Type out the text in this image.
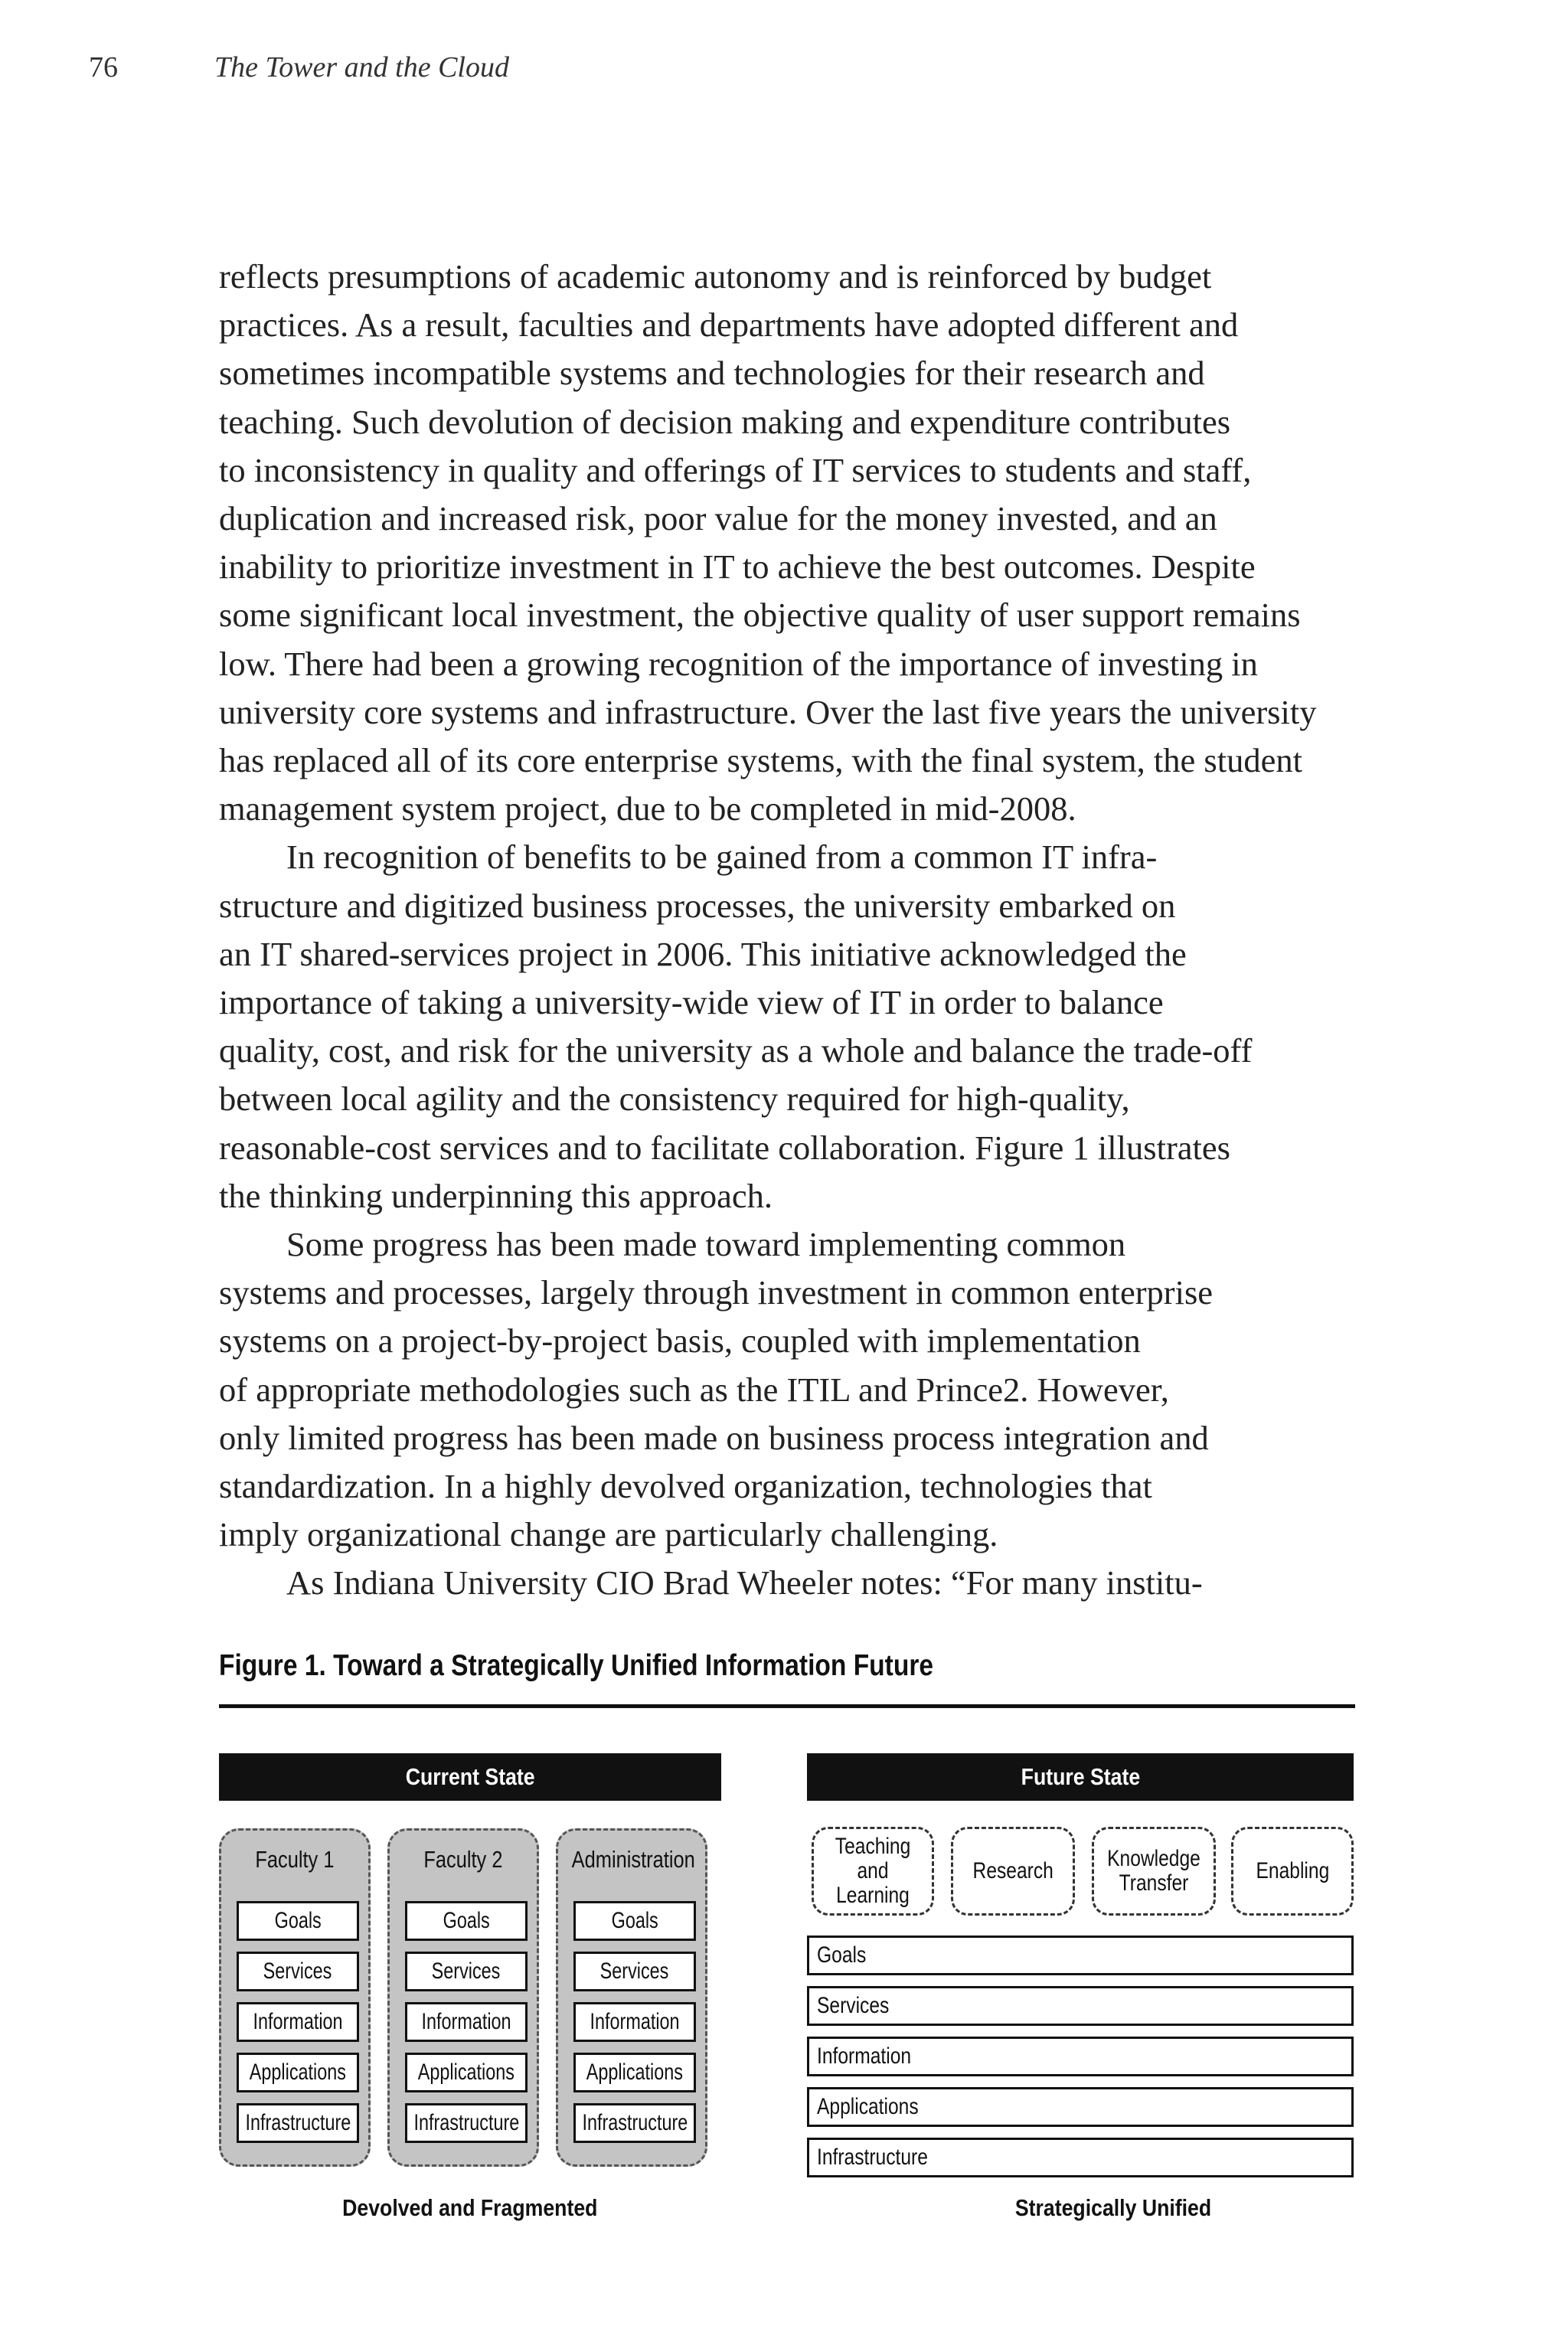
76	The Tower and the Cloud

reflects presumptions of academic autonomy and is reinforced by budget
practices. As a result, faculties and departments have adopted different and
sometimes incompatible systems and technologies for their research and
teaching. Such devolution of decision making and expenditure contributes
to inconsistency in quality and offerings of IT services to students and staff,
duplication and increased risk, poor value for the money invested, and an
inability to prioritize investment in IT to achieve the best outcomes. Despite
some significant local investment, the objective quality of user support remains
low. There had been a growing recognition of the importance of investing in
university core systems and infrastructure. Over the last five years the university
has replaced all of its core enterprise systems, with the final system, the student
management system project, due to be completed in mid-2008.

In recognition of benefits to be gained from a common IT infra-
structure and digitized business processes, the university embarked on
an IT shared-services project in 2006. This initiative acknowledged the
importance of taking a university-wide view of IT in order to balance
quality, cost, and risk for the university as a whole and balance the trade-off
between local agility and the consistency required for high-quality,
reasonable-cost services and to facilitate collaboration. Figure 1 illustrates
the thinking underpinning this approach.

Some progress has been made toward implementing common
systems and processes, largely through investment in common enterprise
systems on a project-by-project basis, coupled with implementation
of appropriate methodologies such as the ITIL and Prince2. However,
only limited progress has been made on business process integration and
standardization. In a highly devolved organization, technologies that
imply organizational change are particularly challenging.

As Indiana University CIO Brad Wheeler notes: “For many institu-

Figure 1. Toward a Strategically Unified Information Future
Current State
Faculty 1
Goals
Services
Information
Applications
Infrastructure
Faculty 2
Goals
Services
Information
Applications
Infrastructure
Administration
Goals
Services
Information
Applications
Infrastructure
Devolved and Fragmented
Future State
Teaching and Learning
Research Knowledge Transfer	Enabling
Goals
Services
Information
Applications
Infrastructure
Strategically Unified
